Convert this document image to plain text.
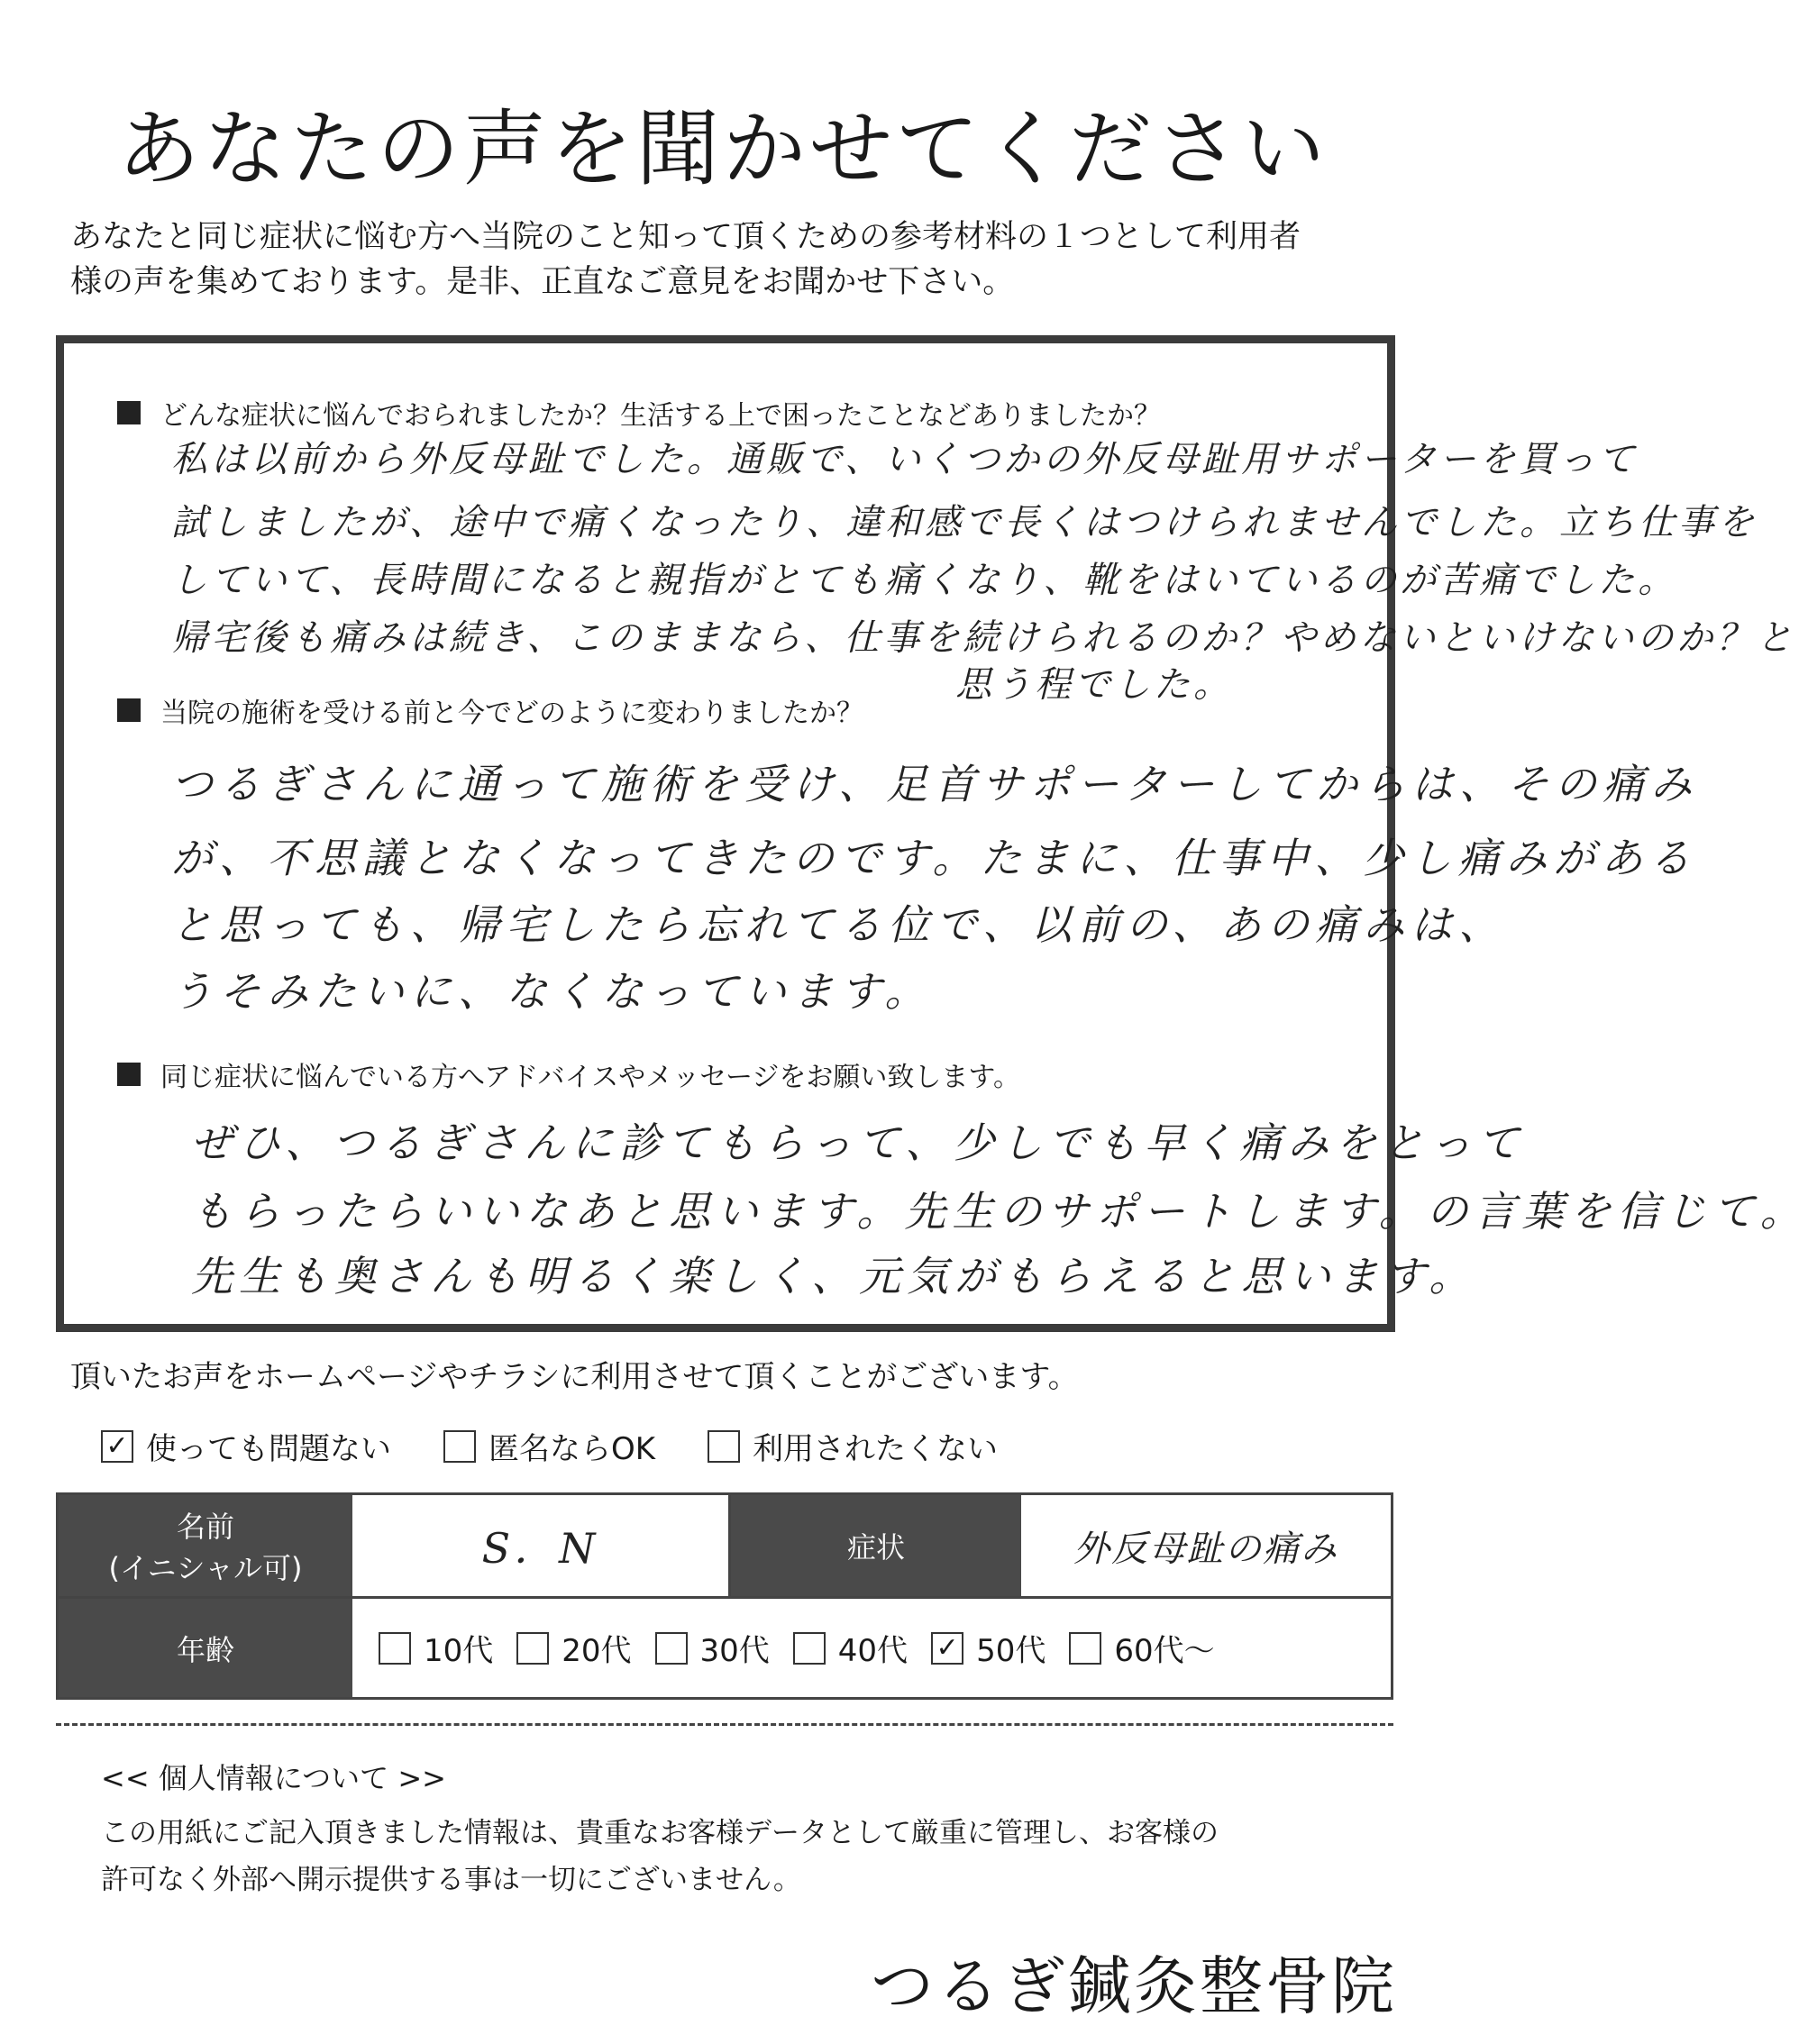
あなたの声を聞かせてください
あなたと同じ症状に悩む方へ当院のこと知って頂くための参考材料の１つとして利用者
様の声を集めております。是非、正直なご意見をお聞かせ下さい。
どんな症状に悩んでおられましたか？生活する上で困ったことなどありましたか？
私は以前から外反母趾でした。通販で、いくつかの外反母趾用サポーターを買って
試しましたが、途中で痛くなったり、違和感で長くはつけられませんでした。立ち仕事を
していて、長時間になると親指がとても痛くなり、靴をはいているのが苦痛でした。
帰宅後も痛みは続き、このままなら、仕事を続けられるのか？やめないといけないのか？と
思う程でした。
当院の施術を受ける前と今でどのように変わりましたか？
つるぎさんに通って施術を受け、足首サポーターしてからは、その痛み
が、不思議となくなってきたのです。たまに、仕事中、少し痛みがある
と思っても、帰宅したら忘れてる位で、以前の、あの痛みは、
うそみたいに、なくなっています。
同じ症状に悩んでいる方へアドバイスやメッセージをお願い致します。
ぜひ、つるぎさんに診てもらって、少しでも早く痛みをとって
もらったらいいなあと思います。先生のサポートします。の言葉を信じて。
先生も奥さんも明るく楽しく、元気がもらえると思います。
頂いたお声をホームページやチラシに利用させて頂くことがございます。
✓ 使っても問題ない	匿名ならOK	利用されたくない
名前
(イニシャル可)	S．N	症状	外反母趾の痛み
年齢	10代 20代 30代 40代 ✓ 50代 60代～
<< 個人情報について >>
この用紙にご記入頂きました情報は、貴重なお客様データとして厳重に管理し、お客様の
許可なく外部へ開示提供する事は一切にございません。
つるぎ鍼灸整骨院
